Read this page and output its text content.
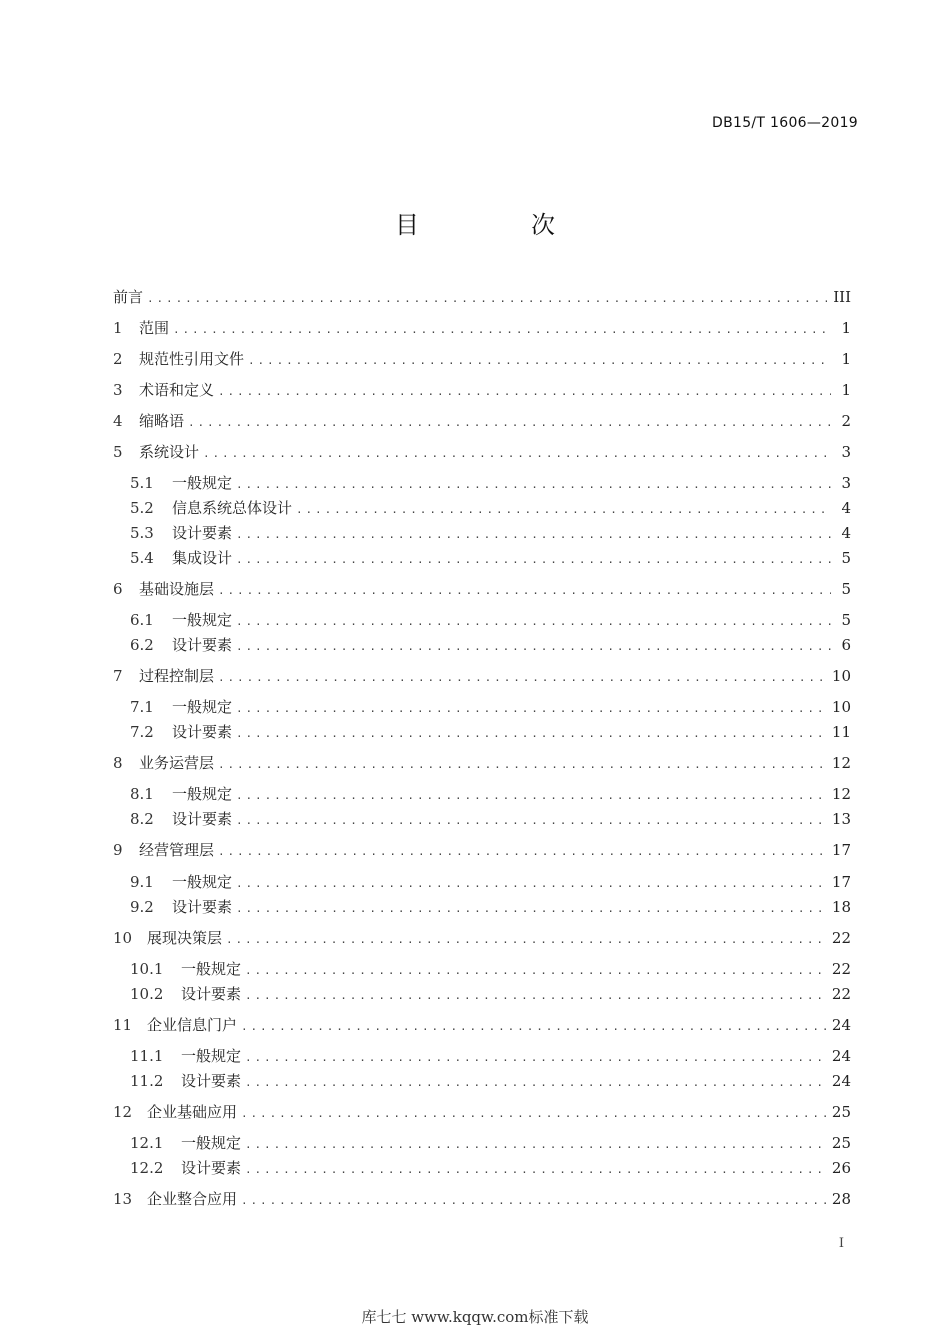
DB15/T 1606—2019
目　次
前言 .....	III
1	范围 .....	1
2	规范性引用文件 .....	1
3	术语和定义 .....	1
4	缩略语 .....	2
5	系统设计 .....	3
5.1	一般规定 .....	3
5.2	信息系统总体设计 .....	4
5.3	设计要素 .....	4
5.4	集成设计 .....	5
6	基础设施层 .....	5
6.1	一般规定 .....	5
6.2	设计要素 .....	6
7	过程控制层 .....	10
7.1	一般规定 .....	10
7.2	设计要素 .....	11
8	业务运营层 .....	12
8.1	一般规定 .....	12
8.2	设计要素 .....	13
9	经营管理层 .....	17
9.1	一般规定 .....	17
9.2	设计要素 .....	18
10 展现决策层 .....	22
10.1	一般规定 .....	22
10.2	设计要素 .....	22
11 企业信息门户 .....	24
11.1	一般规定 .....	24
11.2	设计要素 .....	24
12 企业基础应用 .....	25
12.1	一般规定 .....	25
12.2	设计要素 .....	26
13 企业整合应用 .....	28
I
库七七 www.kqqw.com标准下载
